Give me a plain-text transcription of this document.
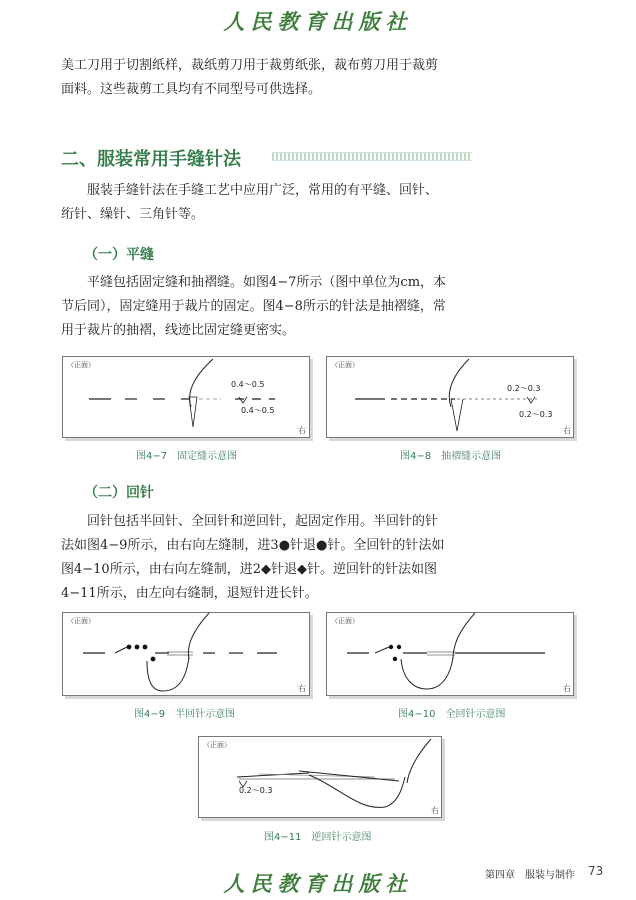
人民教育出版社
美工刀用于切割纸样，裁纸剪刀用于裁剪纸张，裁布剪刀用于裁剪
面料。这些裁剪工具均有不同型号可供选择。
二、服装常用手缝针法
服装手缝针法在手缝工艺中应用广泛，常用的有平缝、回针、
绗针、缲针、三角针等。
（一）平缝
平缝包括固定缝和抽褶缝。如图4−7所示（图中单位为cm，本
节后同），固定缝用于裁片的固定。图4−8所示的针法是抽褶缝，常
用于裁片的抽褶，线迹比固定缝更密实。
（正面）
0.4～0.5
0.4～0.5
右
图4−7　固定缝示意图
（正面）
0.2～0.3
0.2～0.3
右
图4−8　抽褶缝示意图
（二）回针
回针包括半回针、全回针和逆回针，起固定作用。半回针的针
法如图4−9所示，由右向左缝制，进3●针退●针。全回针的针法如
图4−10所示，由右向左缝制，进2◆针退◆针。逆回针的针法如图
4−11所示，由左向右缝制，退短针进长针。
（正面）
右
图4−9　半回针示意图
（正面）
右
图4−10　全回针示意图
（正面）
0.2～0.3
右
图4−11　逆回针示意图
人民教育出版社	第四章　服装与制作 73
